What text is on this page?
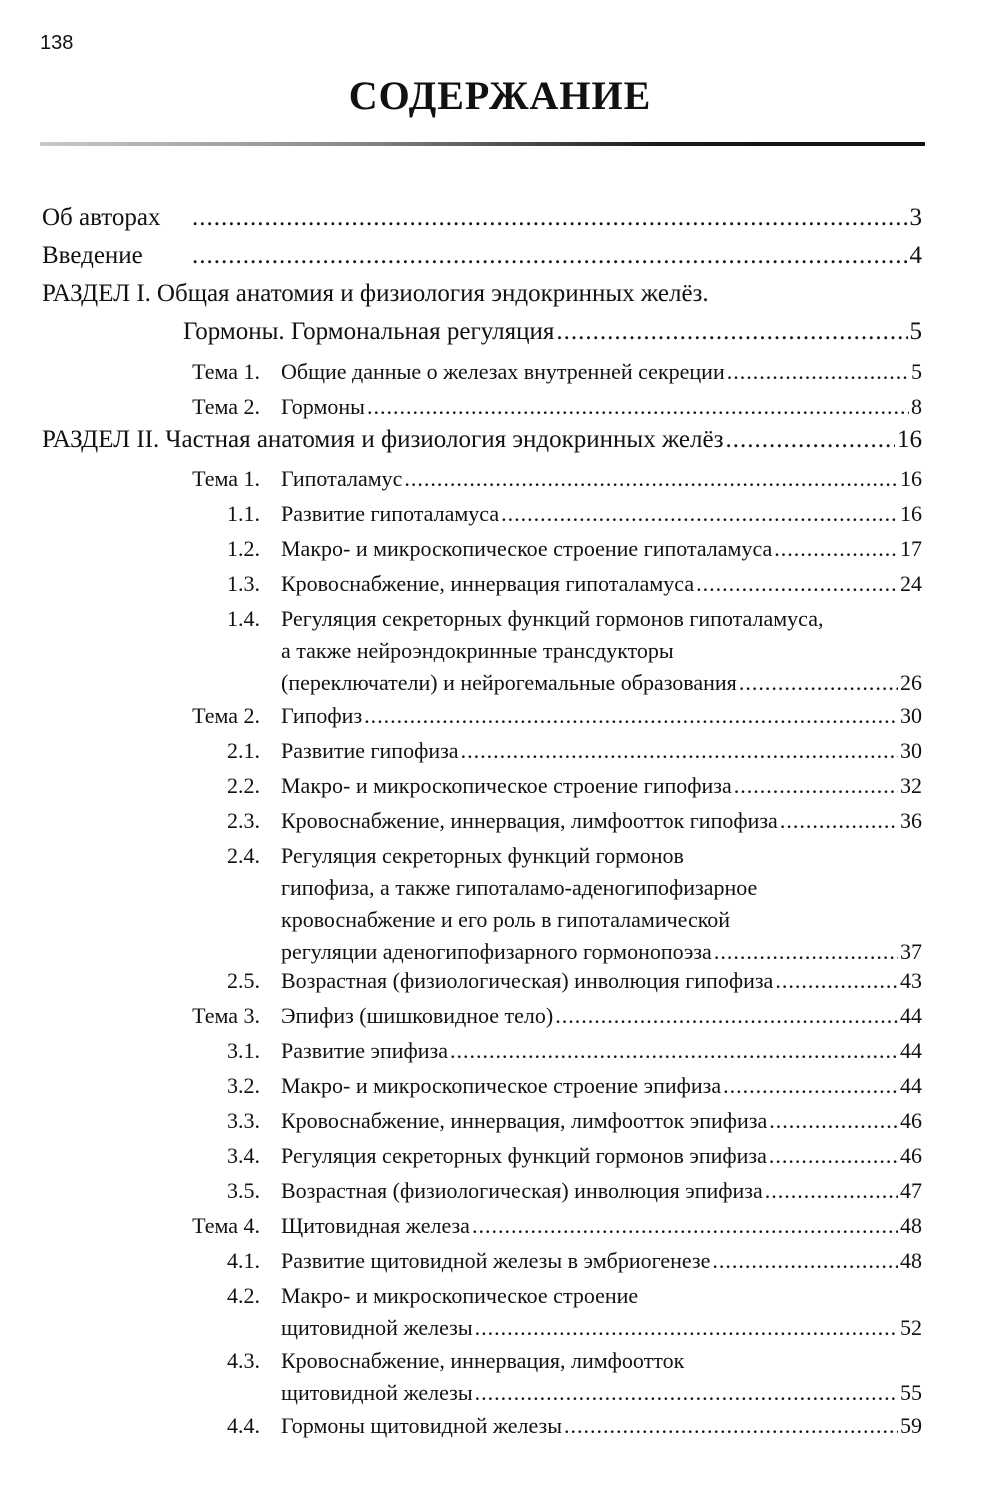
138
СОДЕРЖАНИЕ
Об авторах .....	3
Введение .....	4
РАЗДЕЛ I. Общая анатомия и физиология эндокринных желёз.
Гормоны. Гормональная регуляция .....	5
Тема 1. Общие данные о железах внутренней секреции .....	5
Тема 2. Гормоны .....	8
РАЗДЕЛ II. Частная анатомия и физиология эндокринных желёз .....	16
Тема 1. Гипоталамус .....	16
1.1. Развитие гипоталамуса .....	16
1.2. Макро- и микроскопическое строение гипоталамуса .....	17
1.3. Кровоснабжение, иннервация гипоталамуса .....	24
1.4. Регуляция секреторных функций гормонов гипоталамуса,
а также нейроэндокринные трансдукторы
(переключатели) и нейрогемальные образования .....	26
Тема 2. Гипофиз .....	30
2.1. Развитие гипофиза .....	30
2.2. Макро- и микроскопическое строение гипофиза .....	32
2.3. Кровоснабжение, иннервация, лимфоотток гипофиза .....	36
2.4. Регуляция секреторных функций гормонов
гипофиза, а также гипоталамо-аденогипофизарное
кровоснабжение и его роль в гипоталамической
регуляции аденогипофизарного гормонопоэза .....	37
2.5. Возрастная (физиологическая) инволюция гипофиза .....	43
Тема 3. Эпифиз (шишковидное тело) .....	44
3.1. Развитие эпифиза .....	44
3.2. Макро- и микроскопическое строение эпифиза .....	44
3.3. Кровоснабжение, иннервация, лимфоотток эпифиза .....	46
3.4. Регуляция секреторных функций гормонов эпифиза .....	46
3.5. Возрастная (физиологическая) инволюция эпифиза .....	47
Тема 4. Щитовидная железа .....	48
4.1. Развитие щитовидной железы в эмбриогенезе .....	48
4.2. Макро- и микроскопическое строение
щитовидной железы .....	52
4.3. Кровоснабжение, иннервация, лимфоотток
щитовидной железы .....	55
4.4. Гормоны щитовидной железы .....	59
